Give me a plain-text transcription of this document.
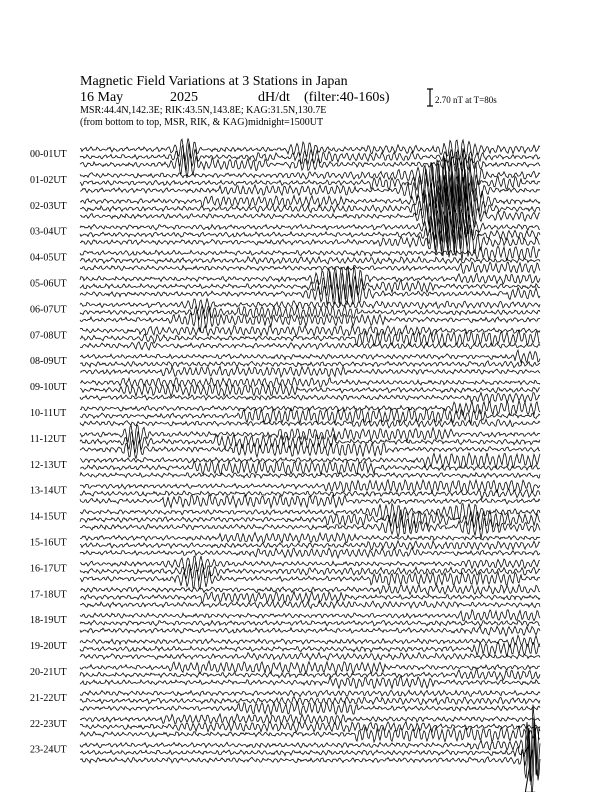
Magnetic Field Variations at 3 Stations in Japan
16 May	2025	dH/dt (filter:40-160s)
MSR:44.4N,142.3E; RIK:43.5N,143.8E; KAG:31.5N,130.7E
(from bottom to top, MSR, RIK, & KAG) midnight=1500UT
2.70 nT at T=80s
00-01UT
01-02UT
02-03UT
03-04UT
04-05UT
05-06UT
06-07UT
07-08UT
08-09UT
09-10UT
10-11UT
11-12UT
12-13UT
13-14UT
14-15UT
15-16UT
16-17UT
17-18UT
18-19UT
19-20UT
20-21UT
21-22UT
22-23UT
23-24UT
